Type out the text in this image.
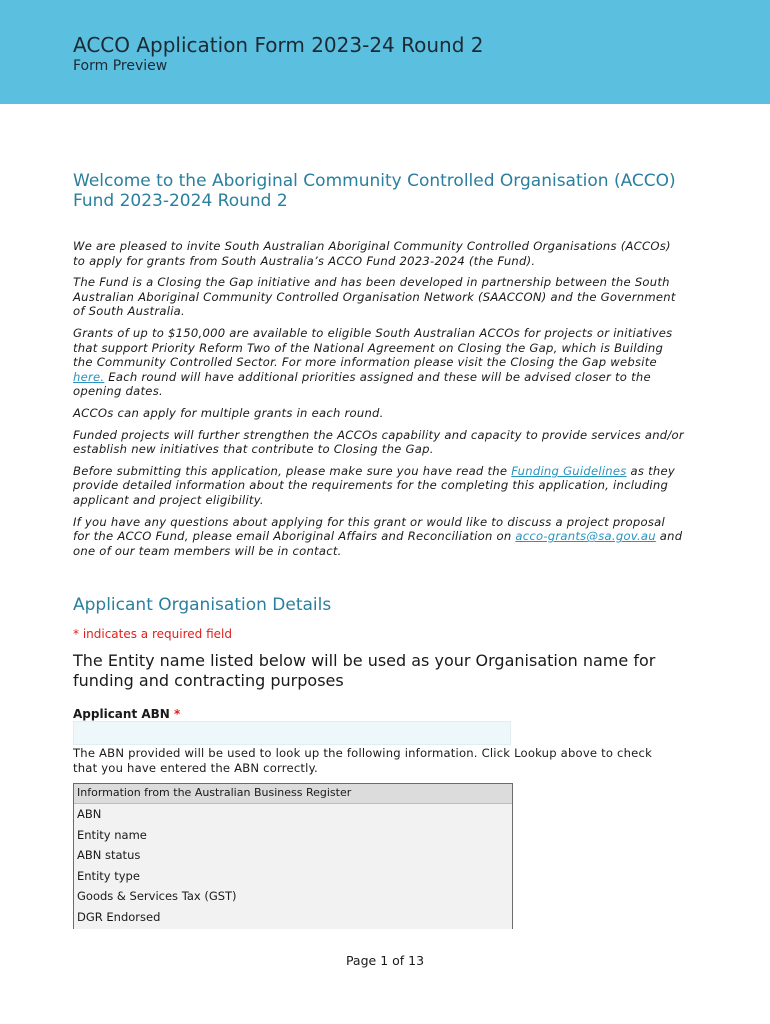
ACCO Application Form 2023-24 Round 2
Form Preview
Welcome to the Aboriginal Community Controlled Organisation (ACCO) Fund 2023-2024 Round 2

We are pleased to invite South Australian Aboriginal Community Controlled Organisations (ACCOs) to apply for grants from South Australia’s ACCO Fund 2023-2024 (the Fund).

The Fund is a Closing the Gap initiative and has been developed in partnership between the South Australian Aboriginal Community Controlled Organisation Network (SAACCON) and the Government of South Australia.

Grants of up to $150,000 are available to eligible South Australian ACCOs for projects or initiatives that support Priority Reform Two of the National Agreement on Closing the Gap, which is Building the Community Controlled Sector. For more information please visit the Closing the Gap website here. Each round will have additional priorities assigned and these will be advised closer to the opening dates.

ACCOs can apply for multiple grants in each round.

Funded projects will further strengthen the ACCOs capability and capacity to provide services and/or establish new initiatives that contribute to Closing the Gap.

Before submitting this application, please make sure you have read the Funding Guidelines as they provide detailed information about the requirements for the completing this application, including applicant and project eligibility.

If you have any questions about applying for this grant or would like to discuss a project proposal for the ACCO Fund, please email Aboriginal Affairs and Reconciliation on acco-grants@sa.gov.au and one of our team members will be in contact.

Applicant Organisation Details
* indicates a required field
The Entity name listed below will be used as your Organisation name for funding and contracting purposes
Applicant ABN *
The ABN provided will be used to look up the following information. Click Lookup above to check that you have entered the ABN correctly.
Information from the Australian Business Register
ABN
Entity name
ABN status
Entity type
Goods & Services Tax (GST)
DGR Endorsed
Page 1 of 13
